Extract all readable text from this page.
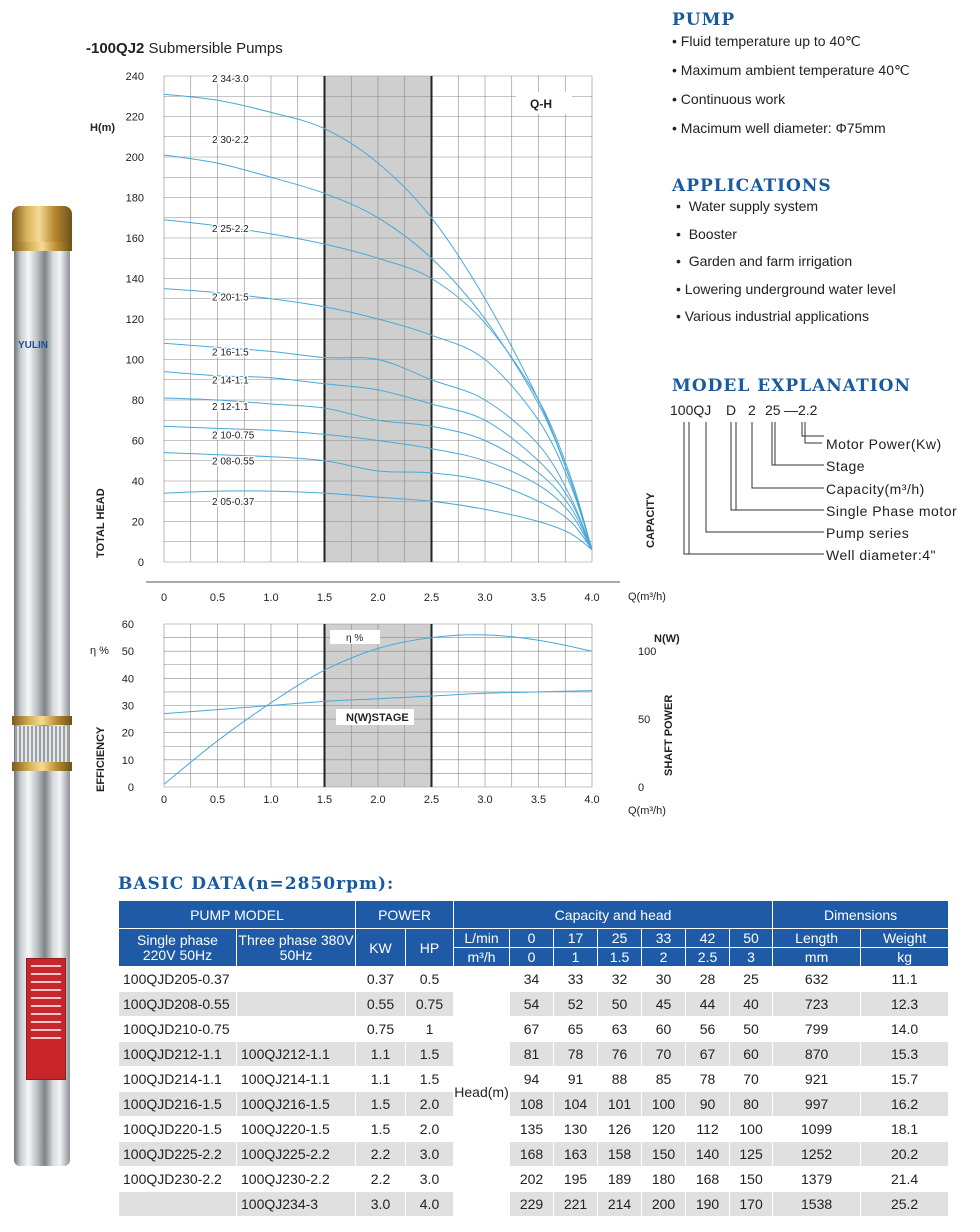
YULIN
-100QJ2 Submersible Pumps
0
20
40
60
80
100
120
140
160
180
200
220
240
0	0.5	1.0	1.5	2.0	2.5	3.0	3.5	4.0
2 34-3.0
2 30-2.2
2 25-2.2
2 20-1.5
2 16-1.5
2 14-1.1
2 12-1.1
2 10-0.75
2 08-0.55
2 05-0.37
Q-H
H(m)
TOTAL HEAD	CAPACITY
Q(m³/h)
0
10
20
30
40
50
60
0
50
100
0	0.5	1.0	1.5	2.0	2.5	3.0	3.5	4.0
η %
N(W)STAGE
η %
EFFICIENCY
N(W)
SHAFT POWER
Q(m³/h)
PUMP
• Fluid temperature up to 40℃
• Maximum ambient temperature 40℃
• Continuous work
• Macimum well diameter: Φ75mm
APPLICATIONS
•  Water supply system
•  Booster
•  Garden and farm irrigation
• Lowering underground water level
• Various industrial applications
MODEL EXPLANATION
100QJ D 2 25 — 2.2
Motor Power(Kw)
Stage
Capacity(m³/h)
Single Phase motor
Pump series
Well diameter:4"
BASIC DATA(n=2850rpm):
PUMP MODEL		POWER		Capacity and head							Dimensions	
Single phase 220V 50Hz	Three phase 380V 50Hz	KW	HP	L/min	0	17	25	33	42	50	Length	Weight
				m³/h	0	1	1.5	2	2.5	3	mm	kg
100QJD205-0.37		0.37	0.5	Head(m)	34	33	32	30	28	25	632	11.1
100QJD208-0.55		0.55	0.75		54	52	50	45	44	40	723	12.3
100QJD210-0.75		0.75	1		67	65	63	60	56	50	799	14.0
100QJD212-1.1	100QJ212-1.1	1.1	1.5		81	78	76	70	67	60	870	15.3
100QJD214-1.1	100QJ214-1.1	1.1	1.5		94	91	88	85	78	70	921	15.7
100QJD216-1.5	100QJ216-1.5	1.5	2.0		108	104	101	100	90	80	997	16.2
100QJD220-1.5	100QJ220-1.5	1.5	2.0		135	130	126	120	112	100	1099	18.1
100QJD225-2.2	100QJ225-2.2	2.2	3.0		168	163	158	150	140	125	1252	20.2
100QJD230-2.2	100QJ230-2.2	2.2	3.0		202	195	189	180	168	150	1379	21.4
	100QJ234-3	3.0	4.0		229	221	214	200	190	170	1538	25.2
